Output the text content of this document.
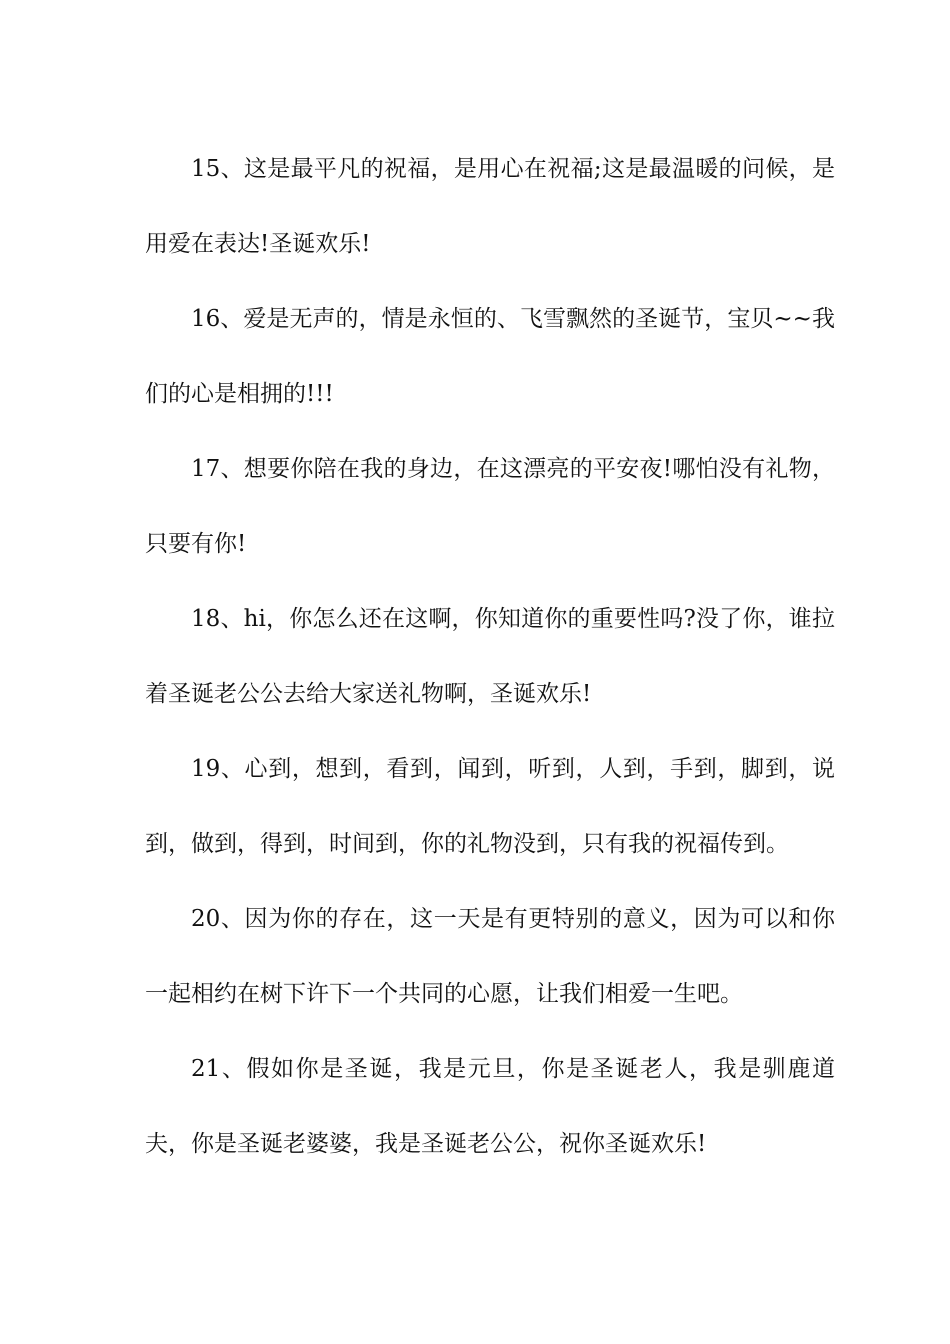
15、这是最平凡的祝福，是用心在祝福;这是最温暖的问候，是用爱在表达!圣诞欢乐!

16、爱是无声的，情是永恒的、飞雪飘然的圣诞节，宝贝~~我们的心是相拥的!!!

17、想要你陪在我的身边，在这漂亮的平安夜!哪怕没有礼物，只要有你!

18、hi，你怎么还在这啊，你知道你的重要性吗?没了你，谁拉着圣诞老公公去给大家送礼物啊，圣诞欢乐!

19、心到，想到，看到，闻到，听到，人到，手到，脚到，说到，做到，得到，时间到，你的礼物没到，只有我的祝福传到。

20、因为你的存在，这一天是有更特别的意义，因为可以和你一起相约在树下许下一个共同的心愿，让我们相爱一生吧。

21、假如你是圣诞，我是元旦，你是圣诞老人，我是驯鹿道夫，你是圣诞老婆婆，我是圣诞老公公，祝你圣诞欢乐!
